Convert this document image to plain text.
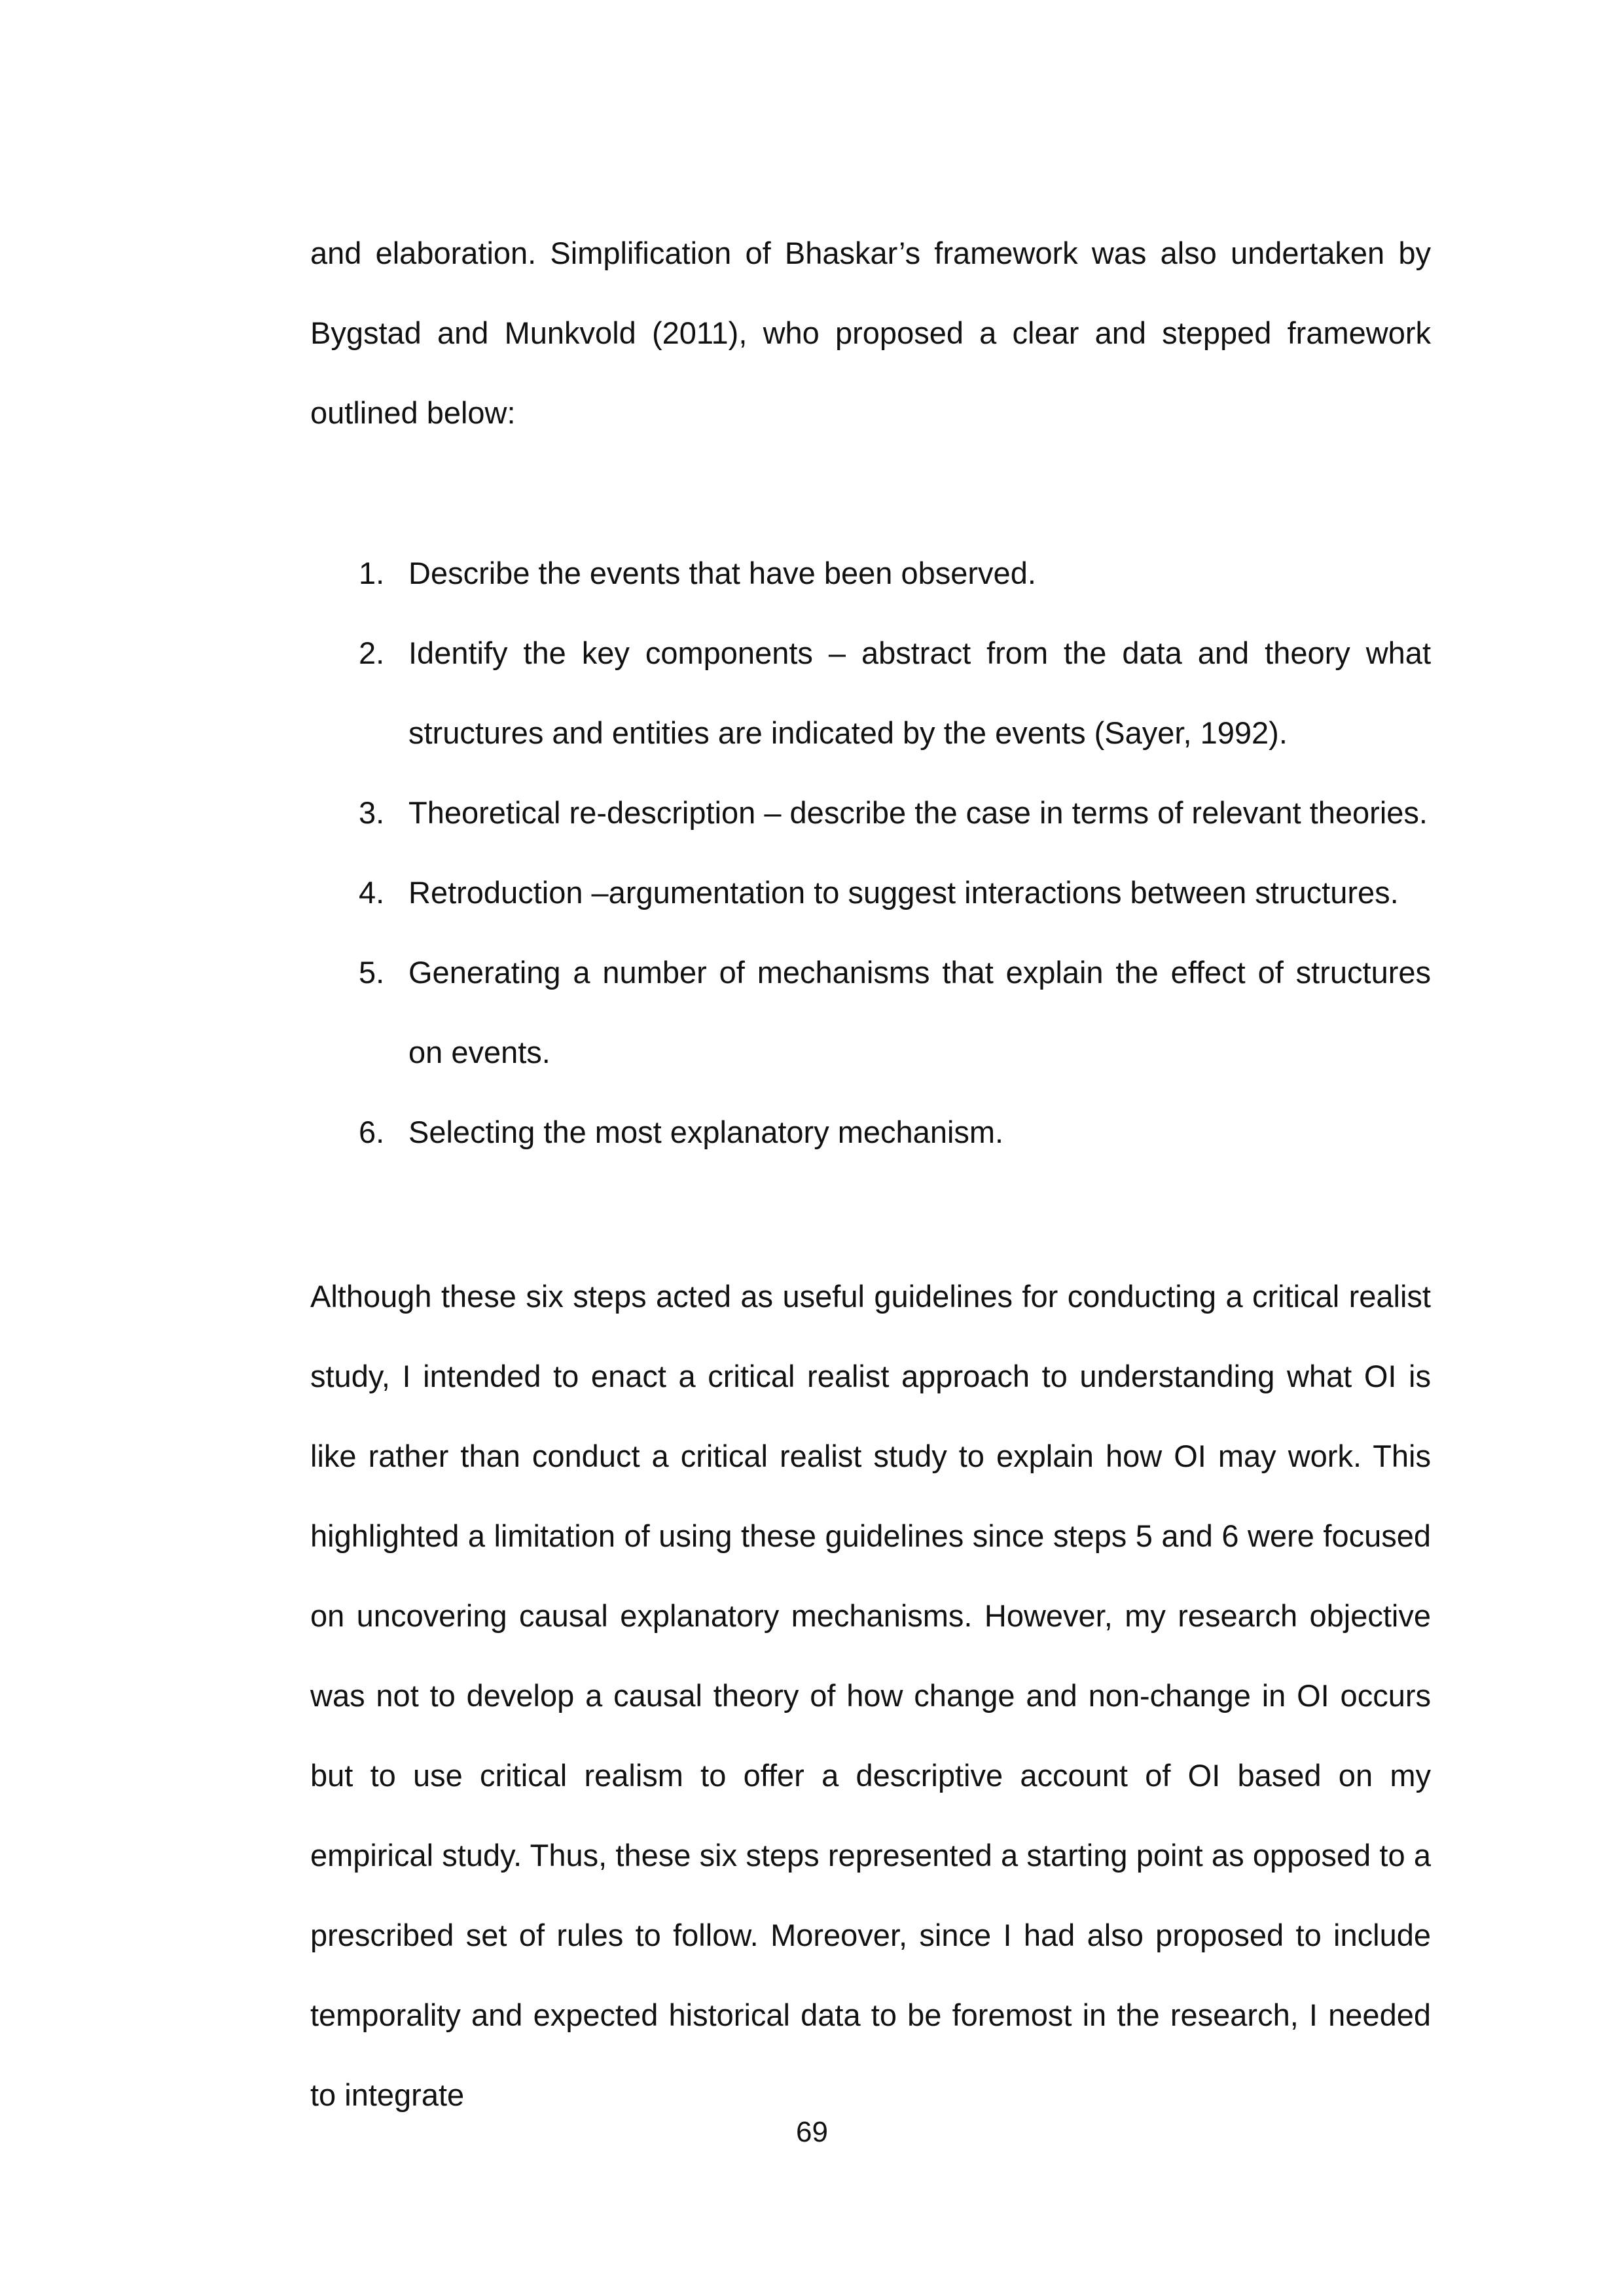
and elaboration. Simplification of Bhaskar’s framework was also undertaken by Bygstad and Munkvold (2011), who proposed a clear and stepped framework outlined below:

1. Describe the events that have been observed.
2. Identify the key components – abstract from the data and theory what structures and entities are indicated by the events (Sayer, 1992).
3. Theoretical re-description – describe the case in terms of relevant theories.
4. Retroduction –argumentation to suggest interactions between structures.
5. Generating a number of mechanisms that explain the effect of structures on events.
6. Selecting the most explanatory mechanism.

Although these six steps acted as useful guidelines for conducting a critical realist study, I intended to enact a critical realist approach to understanding what OI is like rather than conduct a critical realist study to explain how OI may work. This highlighted a limitation of using these guidelines since steps 5 and 6 were focused on uncovering causal explanatory mechanisms. However, my research objective was not to develop a causal theory of how change and non-change in OI occurs but to use critical realism to offer a descriptive account of OI based on my empirical study. Thus, these six steps represented a starting point as opposed to a prescribed set of rules to follow. Moreover, since I had also proposed to include temporality and expected historical data to be foremost in the research, I needed to integrate

69
